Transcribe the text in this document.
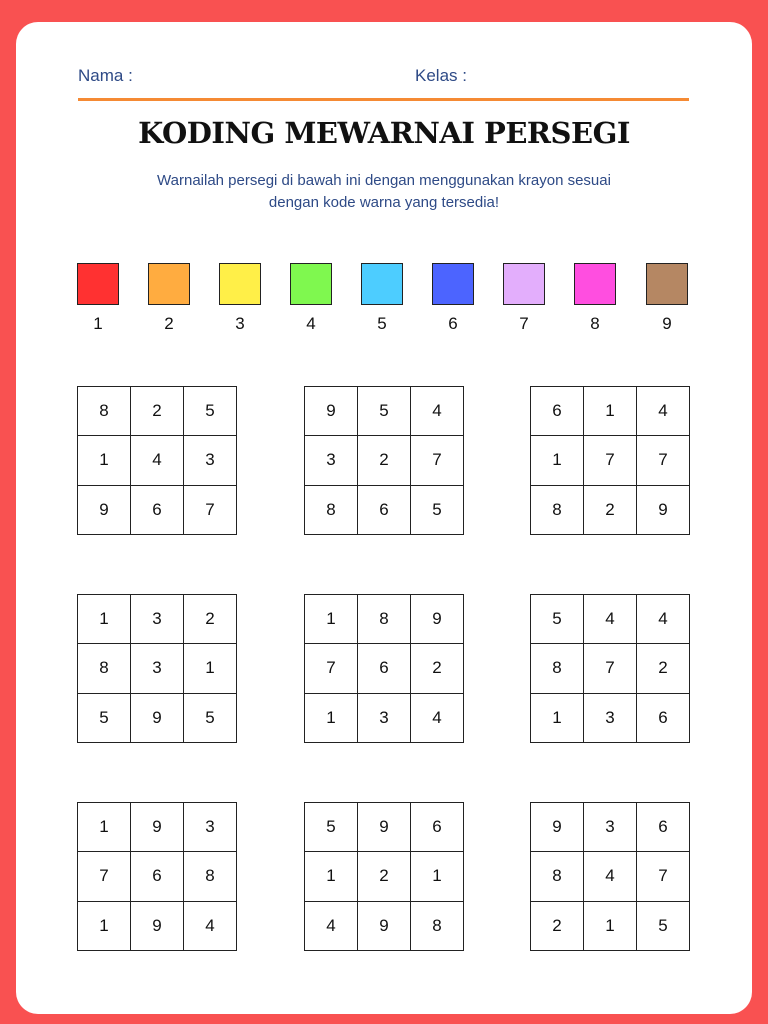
Nama :	Kelas :
KODING MEWARNAI PERSEGI
Warnailah persegi di bawah ini dengan menggunakan krayon sesuai
dengan kode warna yang tersedia!
1	2	3	4	5	6	7	8	9
8	2	5
1	4	3
9	6	7
9	5	4
3	2	7
8	6	5
6	1	4
1	7	7
8	2	9
1	3	2
8	3	1
5	9	5
1	8	9
7	6	2
1	3	4
5	4	4
8	7	2
1	3	6
1	9	3
7	6	8
1	9	4
5	9	6
1	2	1
4	9	8
9	3	6
8	4	7
2	1	5
